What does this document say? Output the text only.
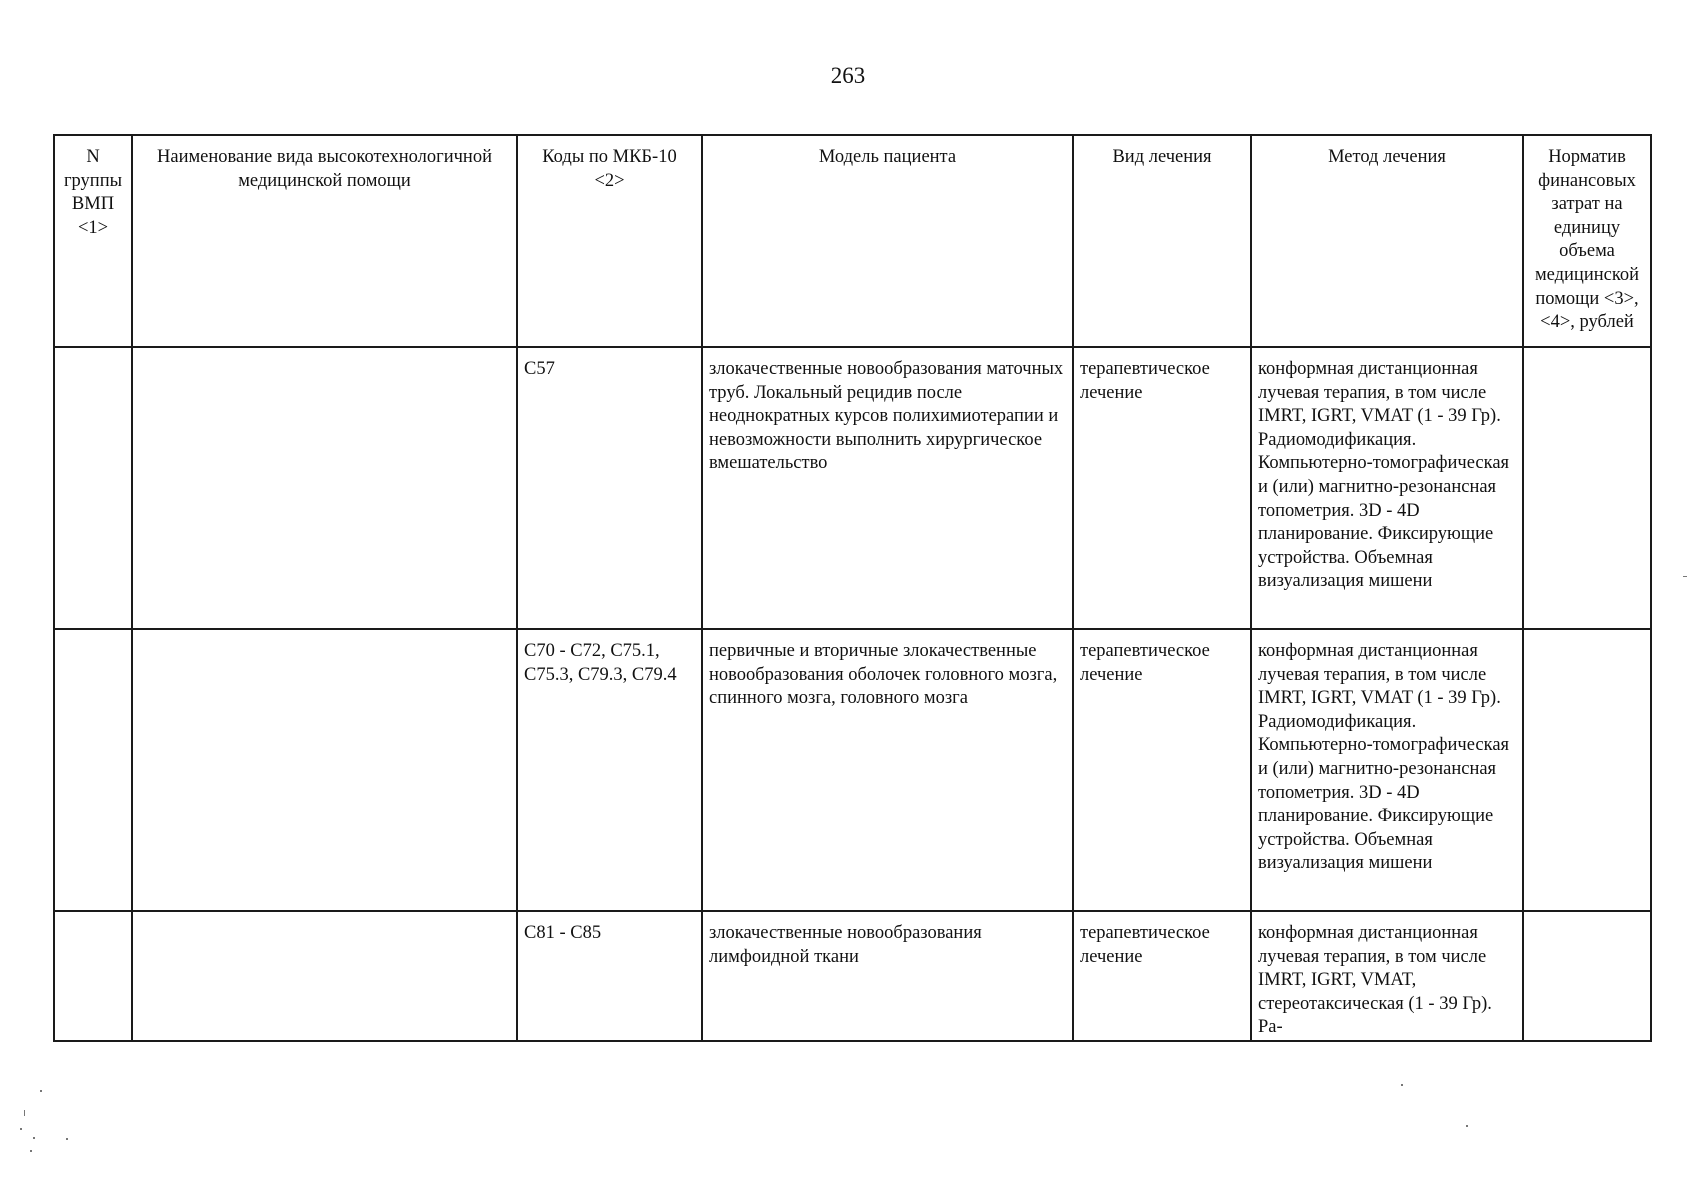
263
N группы ВМП <1>	Наименование вида высокотехнологичной медицинской помощи	Коды по МКБ-10 <2>	Модель пациента	Вид лечения	Метод лечения	Норматив финансовых затрат на единицу объема медицинской помощи <3>, <4>, рублей
		C57	злокачественные новообразования маточных труб. Локальный рецидив после неоднократных курсов полихимиотерапии и невозможности выполнить хирургическое вмешательство	терапевтическое лечение	конформная дистанционная лучевая терапия, в том числе IMRT, IGRT, VMAT (1 - 39 Гр). Радиомодификация. Компьютерно-томографическая и (или) магнитно-резонансная топометрия. 3D - 4D планирование. Фиксирующие устройства. Объемная визуализация мишени	
		C70 - C72, C75.1, C75.3, C79.3, C79.4	первичные и вторичные злокачественные новообразования оболочек головного мозга, спинного мозга, головного мозга	терапевтическое лечение	конформная дистанционная лучевая терапия, в том числе IMRT, IGRT, VMAT (1 - 39 Гр). Радиомодификация. Компьютерно-томографическая и (или) магнитно-резонансная топометрия. 3D - 4D планирование. Фиксирующие устройства. Объемная визуализация мишени	
		C81 - C85	злокачественные новообразования лимфоидной ткани	терапевтическое лечение	конформная дистанционная лучевая терапия, в том числе IMRT, IGRT, VMAT, стереотаксическая (1 - 39 Гр). Ра-	
